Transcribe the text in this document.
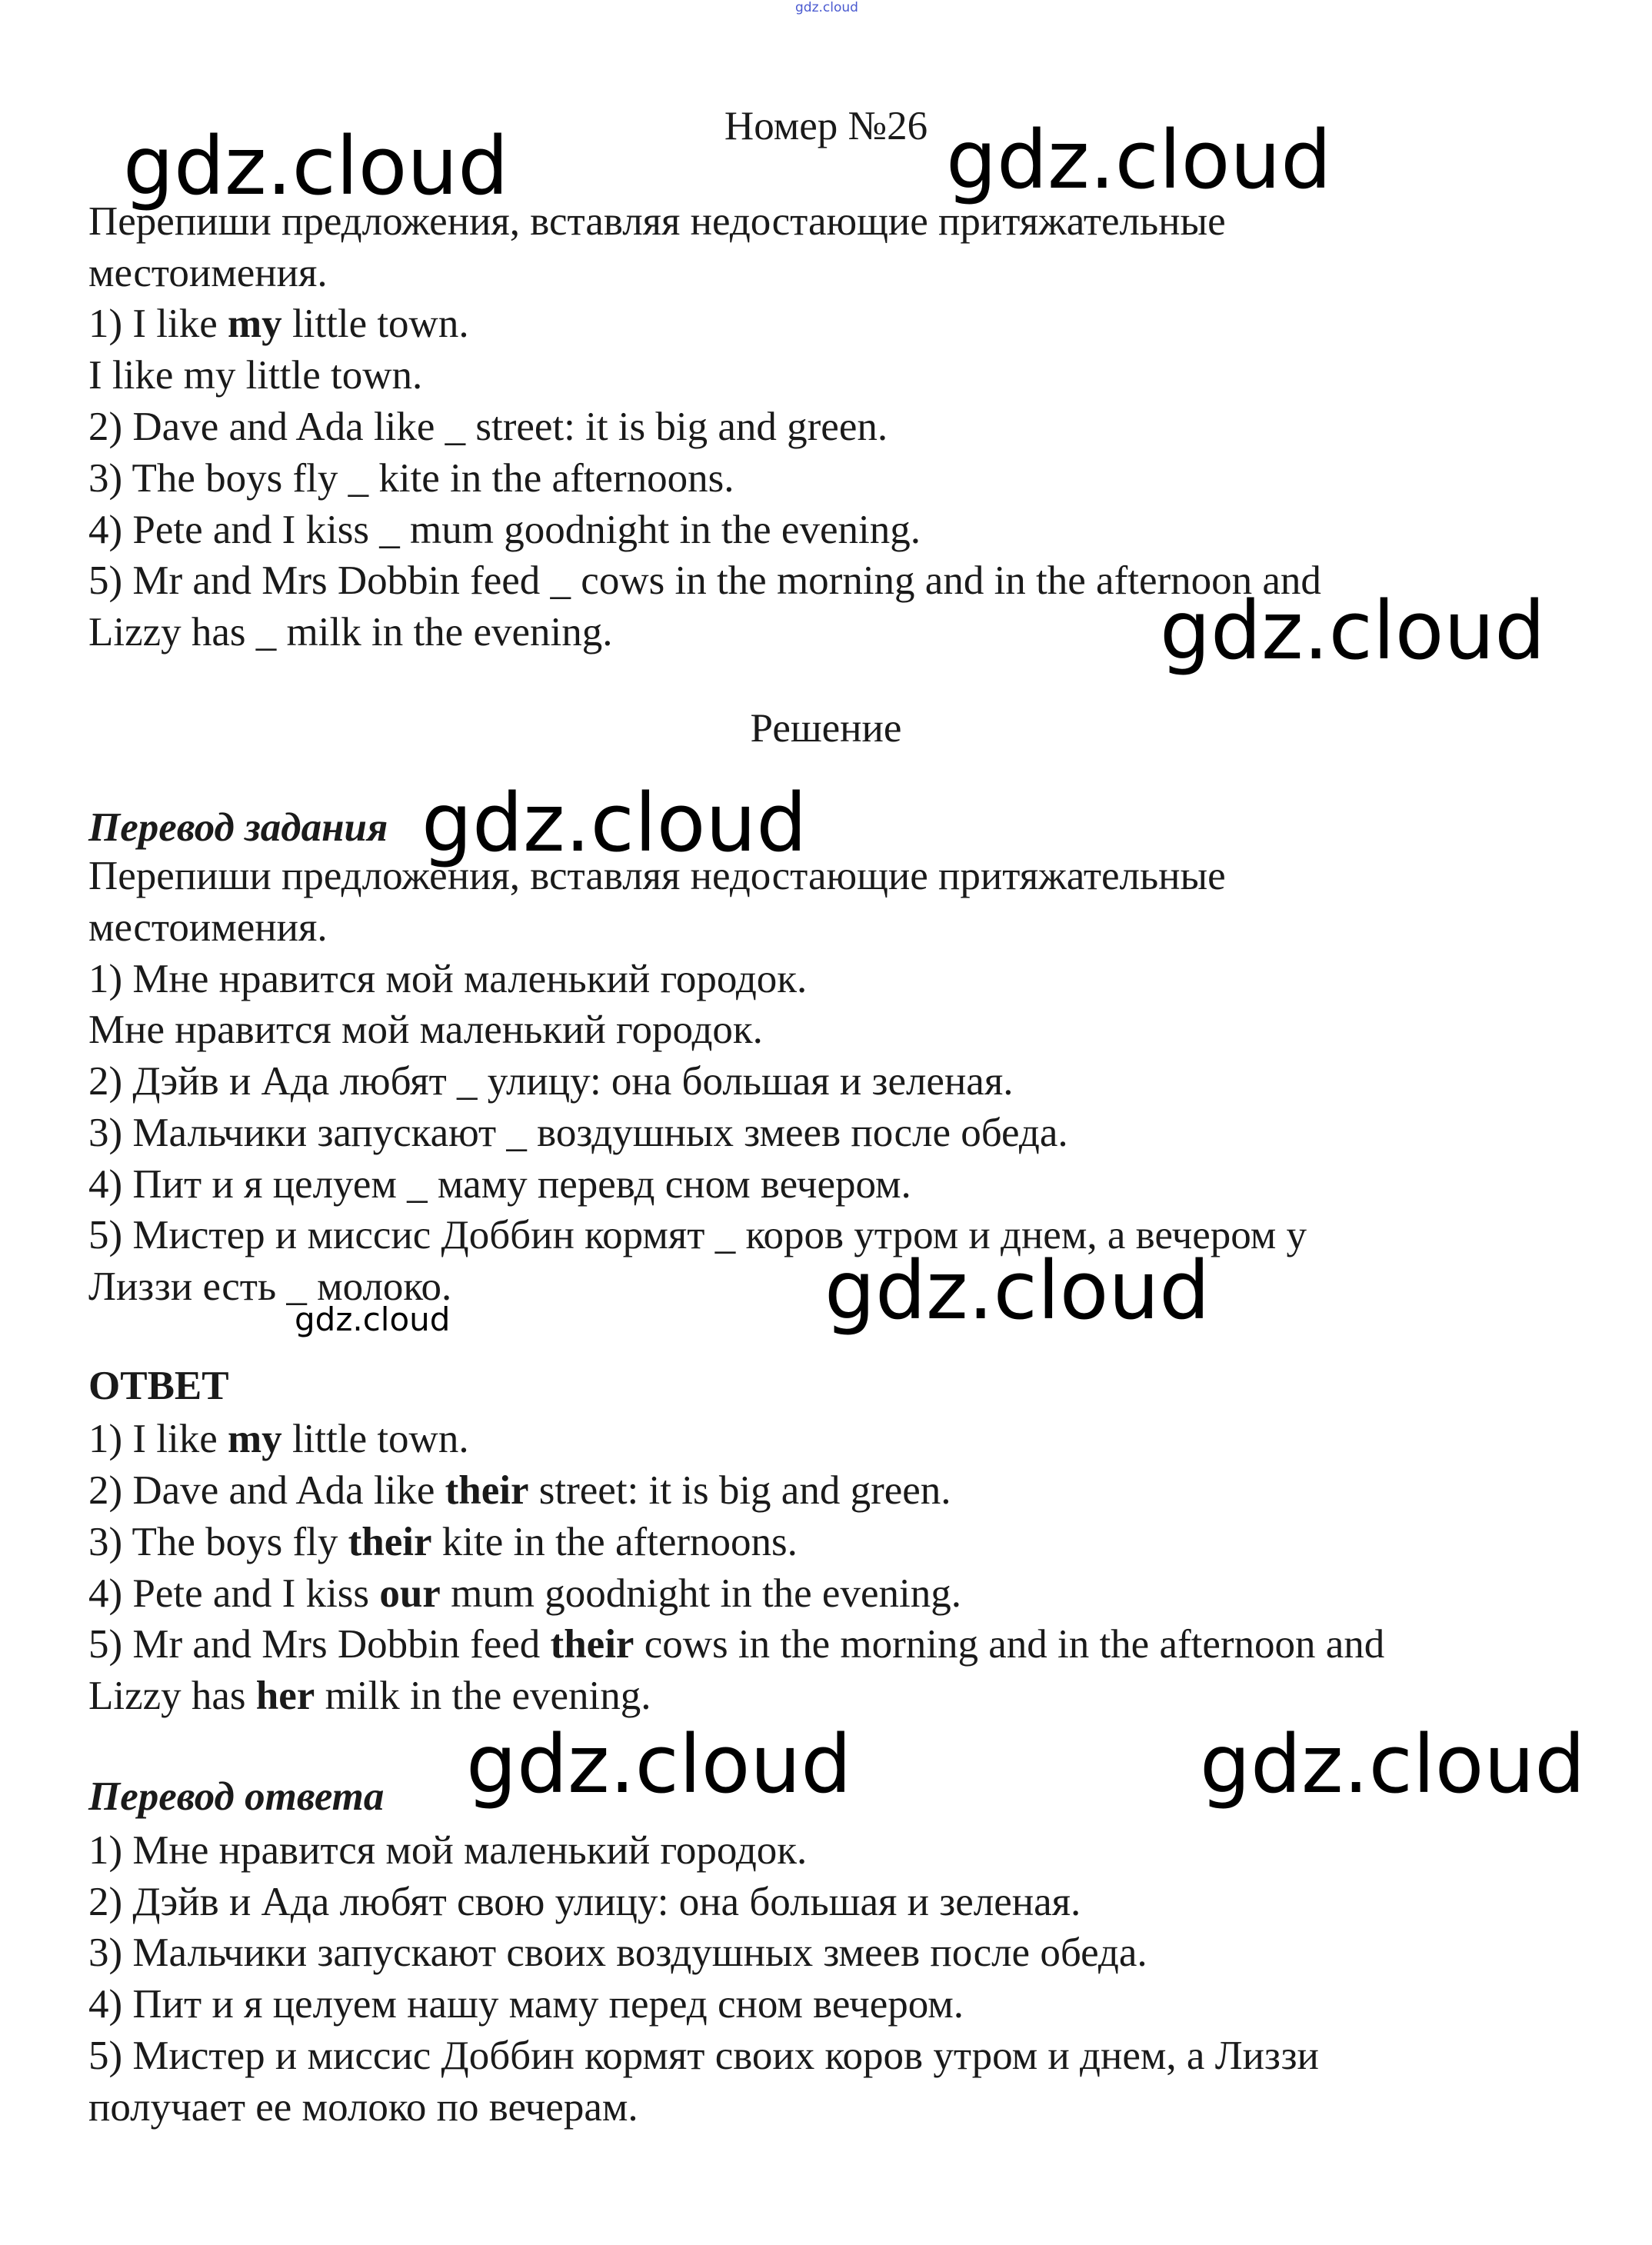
Номер №26
Перепиши предложения, вставляя недостающие притяжательные
местоимения.
1) I like my little town.
I like my little town.
2) Dave and Ada like _ street: it is big and green.
3) The boys fly _ kite in the afternoons.
4) Pete and I kiss _ mum goodnight in the evening.
5) Mr and Mrs Dobbin feed _ cows in the morning and in the afternoon and
Lizzy has _ milk in the evening.
Решение
Перевод задания
Перепиши предложения, вставляя недостающие притяжательные
местоимения.
1) Мне нравится мой маленький городок.
Мне нравится мой маленький городок.
2) Дэйв и Ада любят _ улицу: она большая и зеленая.
3) Мальчики запускают _ воздушных змеев после обеда.
4) Пит и я целуем _ маму перевд сном вечером.
5) Мистер и миссис Доббин кормят _ коров утром и днем, а вечером у
Лиззи есть _ молоко.
ОТВЕТ
1) I like my little town.
2) Dave and Ada like their street: it is big and green.
3) The boys fly their kite in the afternoons.
4) Pete and I kiss our mum goodnight in the evening.
5) Mr and Mrs Dobbin feed their cows in the morning and in the afternoon and
Lizzy has her milk in the evening.
Перевод ответа
1) Мне нравится мой маленький городок.
2) Дэйв и Ада любят свою улицу: она большая и зеленая.
3) Мальчики запускают своих воздушных змеев после обеда.
4) Пит и я целуем нашу маму перед сном вечером.
5) Мистер и миссис Доббин кормят своих коров утром и днем, а Лиззи
получает ее молоко по вечерам.
gdz.cloud
gdz.cloud	gdz.cloud
gdz.cloud
gdz.cloud
gdz.cloud
gdz.cloud
gdz.cloud	gdz.cloud
